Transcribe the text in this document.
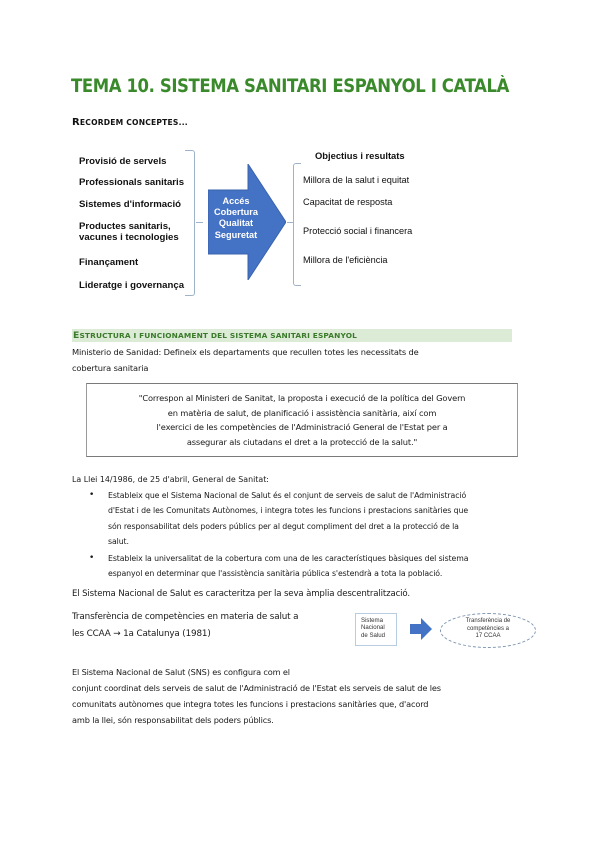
TEMA 10. SISTEMA SANITARI ESPANYOL I CATALÀ
RECORDEM CONCEPTES...
Provisió de servels
Professionals sanitaris
Sistemes d'informació
Productes sanitaris,
vacunes i tecnologies
Finançament
Lideratge i governança
Accés
Cobertura
Qualitat
Seguretat
Objectius i resultats
Millora de la salut i equitat
Capacitat de resposta
Protecció social i financera
Millora de l'eficiència
ESTRUCTURA I FUNCIONAMENT DEL SISTEMA SANITARI ESPANYOL
Ministerio de Sanidad: Defineix els departaments que recullen totes les necessitats de
cobertura sanitaria
"Correspon al Ministeri de Sanitat, la proposta i execució de la política del Govern
en matèria de salut, de planificació i assistència sanitària, així com
l'exercici de les competències de l'Administració General de l'Estat per a
assegurar als ciutadans el dret a la protecció de la salut."
La Llei 14/1986, de 25 d'abril, General de Sanitat:
• Estableix que el Sistema Nacional de Salut és el conjunt de serveis de salut de l'Administració
d'Estat i de les Comunitats Autònomes, i integra totes les funcions i prestacions sanitàries que
són responsabilitat dels poders públics per al degut compliment del dret a la protecció de la
salut.
• Estableix la universalitat de la cobertura com una de les característiques bàsiques del sistema
espanyol en determinar que l'assistència sanitària pública s'estendrà a tota la població.
El Sistema Nacional de Salut es caracteritza per la seva àmplia descentralització.
Transferència de competències en materia de salut a
les CCAA → 1a Catalunya (1981)
Sistema
Nacional
de Salud
Transferència de
competències a
17 CCAA
El Sistema Nacional de Salut (SNS) es configura com el
conjunt coordinat dels serveis de salut de l'Administració de l'Estat els serveis de salut de les
comunitats autònomes que integra totes les funcions i prestacions sanitàries que, d'acord
amb la llei, són responsabilitat dels poders públics.
